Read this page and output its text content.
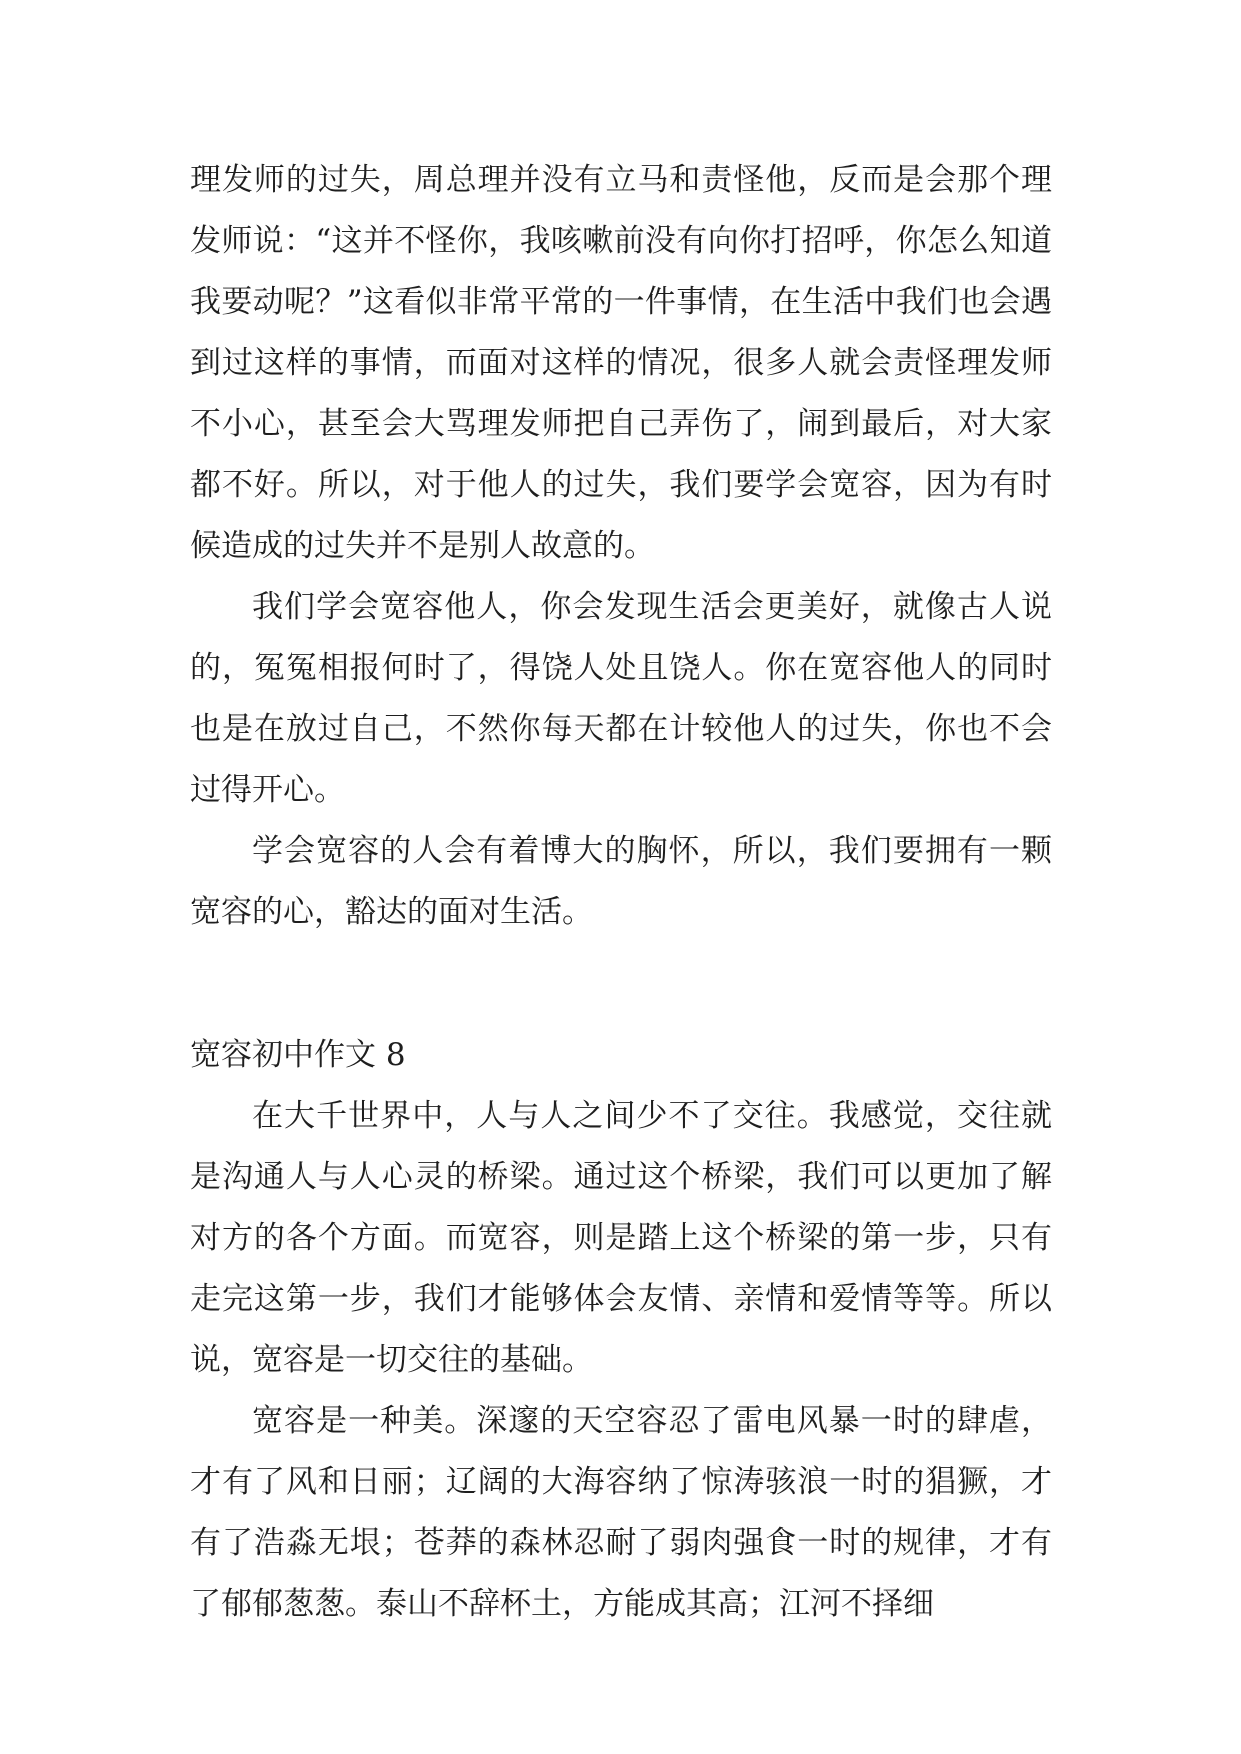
理发师的过失，周总理并没有立马和责怪他，反而是会那个理发师说：“这并不怪你，我咳嗽前没有向你打招呼，你怎么知道我要动呢？”这看似非常平常的一件事情，在生活中我们也会遇到过这样的事情，而面对这样的情况，很多人就会责怪理发师不小心，甚至会大骂理发师把自己弄伤了，闹到最后，对大家都不好。所以，对于他人的过失，我们要学会宽容，因为有时候造成的过失并不是别人故意的。

我们学会宽容他人，你会发现生活会更美好，就像古人说的，冤冤相报何时了，得饶人处且饶人。你在宽容他人的同时也是在放过自己，不然你每天都在计较他人的过失，你也不会过得开心。

学会宽容的人会有着博大的胸怀，所以，我们要拥有一颗宽容的心，豁达的面对生活。

宽容初中作文 8

在大千世界中，人与人之间少不了交往。我感觉，交往就是沟通人与人心灵的桥梁。通过这个桥梁，我们可以更加了解对方的各个方面。而宽容，则是踏上这个桥梁的第一步，只有走完这第一步，我们才能够体会友情、亲情和爱情等等。所以说，宽容是一切交往的基础。

宽容是一种美。深邃的天空容忍了雷电风暴一时的肆虐，才有了风和日丽；辽阔的大海容纳了惊涛骇浪一时的猖獗，才有了浩淼无垠；苍莽的森林忍耐了弱肉强食一时的规律，才有了郁郁葱葱。泰山不辞杯土，方能成其高；江河不择细
